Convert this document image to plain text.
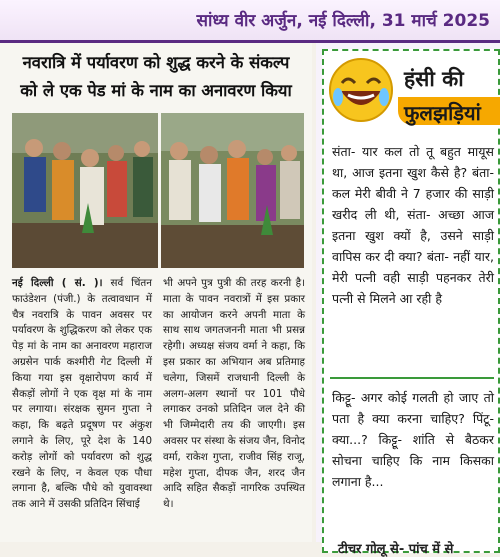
सांध्य वीर अर्जुन, नई दिल्ली, 31 मार्च 2025
नवरात्रि में पर्यावरण को शुद्ध करने के संकल्प
को ले एक पेड मां के नाम का अनावरण किया

नई दिल्ली ( सं. )। सर्व चिंतन फाउंडेशन (पंजी.) के तत्वावधान में चैत्र नवरात्रि के पावन अवसर पर पर्यावरण के शुद्धिकरण को लेकर एक पेड़ मां के नाम का अनावरण महाराज अग्रसेन पार्क कश्मीरी गेट दिल्ली में किया गया इस वृक्षारोपण कार्य में सैकड़ों लोगों ने एक वृक्ष मां के नाम पर लगाया। संरक्षक सुमन गुप्ता ने कहा, कि बढ़ते प्रदूषण पर अंकुश लगाने के लिए, पूरे देश के 140 करोड़ लोगों को पर्यावरण को शुद्ध रखने के लिए, न केवल एक पौधा लगाना है, बल्कि पौधे को युवावस्था तक आने में उसकी प्रतिदिन सिंचाई

भी अपने पुत्र पुत्री की तरह करनी है। माता के पावन नवरात्रों में इस प्रकार का आयोजन करने अपनी माता के साथ साथ जगतजननी माता भी प्रसन्न रहेगी। अध्यक्ष संजय वर्मा ने कहा, कि इस प्रकार का अभियान अब प्रतिमाह चलेगा, जिसमें राजधानी दिल्ली के अलग-अलग स्थानों पर 101 पौधे लगाकर उनको प्रतिदिन जल देने की भी जिम्मेदारी तय की जाएगी। इस अवसर पर संस्था के संजय जैन, विनोद वर्मा, राकेश गुप्ता, राजीव सिंह राजू, महेश गुप्ता, दीपक जैन, शरद जैन आदि सहित सैकड़ों नागरिक उपस्थित थे।

हंसी की
फुलझड़ियां
संता- यार कल तो तू बहुत मायूस था, आज इतना खुश कैसे है? बंता- कल मेरी बीवी ने 7 हजार की साड़ी खरीद ली थी, संता- अच्छा आज इतना खुश क्यों है, उसने साड़ी वापिस कर दी क्या? बंता- नहीं यार, मेरी पत्नी वही साड़ी पहनकर तेरी पत्नी से मिलने आ रही है
किट्टू- अगर कोई गलती हो जाए तो पता है क्या करना चाहिए? पिंटू- क्या...? किट्टू- शांति से बैठकर सोचना चाहिए कि नाम किसका लगाना है...
टीचर गोलू से- पांच में से
